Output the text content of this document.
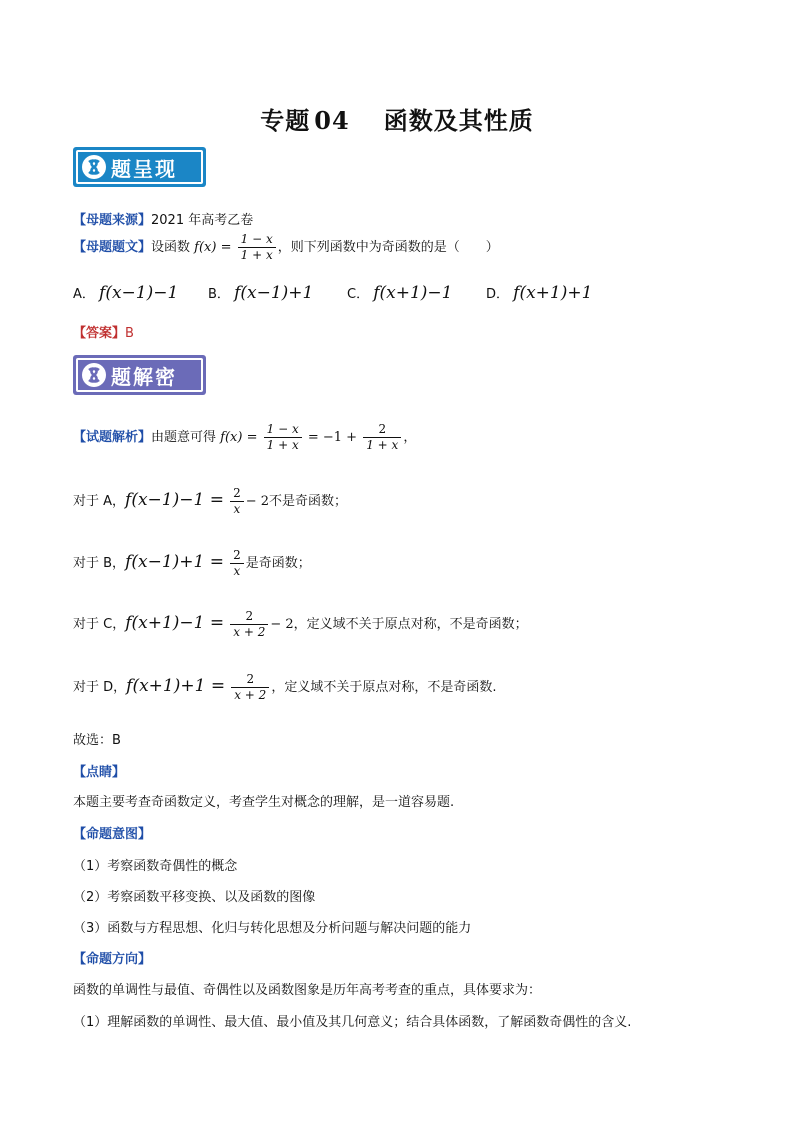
专题 04 函数及其性质
题呈现
【母题来源】2021 年高考乙卷
【母题题文】设函数 $f(x) = \frac{1 - x}{1 + x}$ ，则下列函数中为奇函数的是（　　）
A． f(x−1)−1 B． f(x−1)+1	C． f(x+1)−1	D． f(x+1)+1
【答案】B
题解密
【试题解析】由题意可得 $f(x) = \frac{1 - x}{1 + x} = -1 + \frac{2}{1 + x}$ ，
对于 A，$f(x-1)-1 = \frac{2}{x} - 2$不是奇函数；
对于 B，$f(x-1)+1 = \frac{2}{x}$ 是奇函数；
对于 C，$f(x+1)-1 = \frac{2}{x + 2} - 2$，定义域不关于原点对称，不是奇函数；
对于 D，$f(x+1)+1 = \frac{2}{x + 2}$ ，定义域不关于原点对称，不是奇函数.
故选：B
【点睛】
本题主要考查奇函数定义，考查学生对概念的理解，是一道容易题.
【命题意图】
（1）考察函数奇偶性的概念
（2）考察函数平移变换、以及函数的图像
（3）函数与方程思想、化归与转化思想及分析问题与解决问题的能力
【命题方向】
函数的单调性与最值、奇偶性以及函数图象是历年高考考查的重点，具体要求为：
（1）理解函数的单调性、最大值、最小值及其几何意义；结合具体函数，了解函数奇偶性的含义.
